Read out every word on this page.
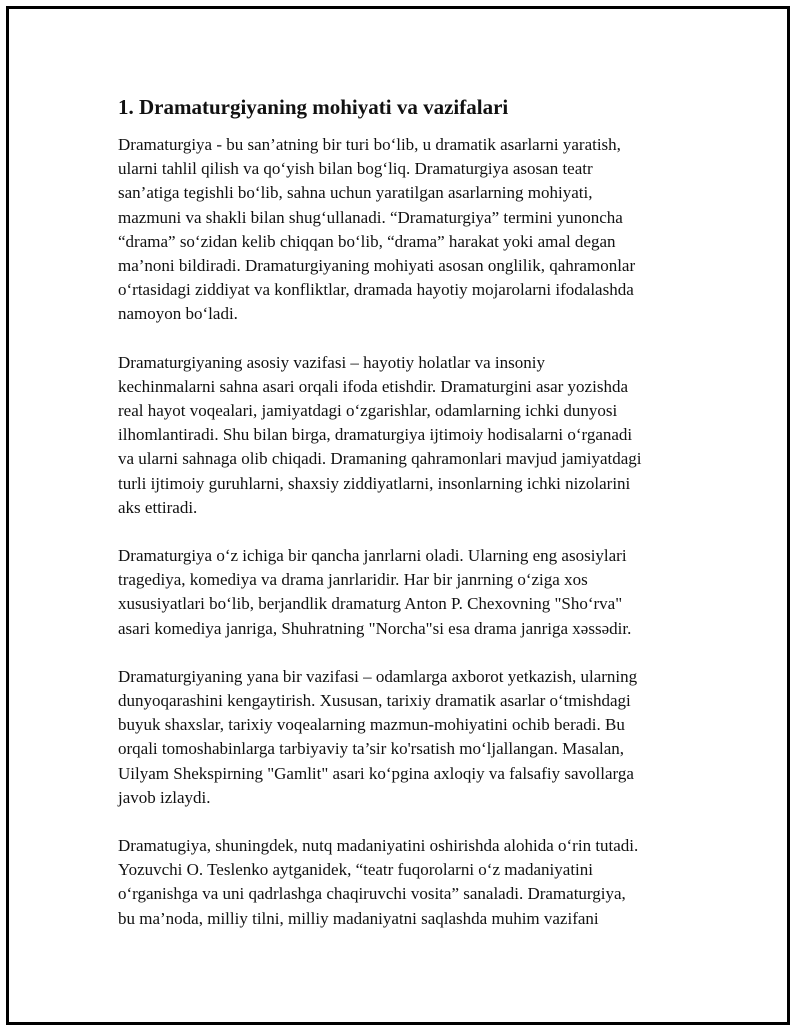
1. Dramaturgiyaning mohiyati va vazifalari
Dramaturgiya - bu san’atning bir turi bo‘lib, u dramatik asarlarni yaratish,
ularni tahlil qilish va qo‘yish bilan bog‘liq. Dramaturgiya asosan teatr
san’atiga tegishli bo‘lib, sahna uchun yaratilgan asarlarning mohiyati,
mazmuni va shakli bilan shug‘ullanadi. “Dramaturgiya” termini yunoncha
“drama” so‘zidan kelib chiqqan bo‘lib, “drama” harakat yoki amal degan
ma’noni bildiradi. Dramaturgiyaning mohiyati asosan onglilik, qahramonlar
o‘rtasidagi ziddiyat va konfliktlar, dramada hayotiy mojarolarni ifodalashda
namoyon bo‘ladi.
Dramaturgiyaning asosiy vazifasi – hayotiy holatlar va insoniy
kechinmalarni sahna asari orqali ifoda etishdir. Dramaturgini asar yozishda
real hayot voqealari, jamiyatdagi o‘zgarishlar, odamlarning ichki dunyosi
ilhomlantiradi. Shu bilan birga, dramaturgiya ijtimoiy hodisalarni o‘rganadi
va ularni sahnaga olib chiqadi. Dramaning qahramonlari mavjud jamiyatdagi
turli ijtimoiy guruhlarni, shaxsiy ziddiyatlarni, insonlarning ichki nizolarini
aks ettiradi.
Dramaturgiya o‘z ichiga bir qancha janrlarni oladi. Ularning eng asosiylari
tragediya, komediya va drama janrlaridir. Har bir janrning o‘ziga xos
xususiyatlari bo‘lib, berjandlik dramaturg Anton P. Chexovning "Sho‘rva"
asari komediya janriga, Shuhratning "Norcha"si esa drama janriga xəssədir.
Dramaturgiyaning yana bir vazifasi – odamlarga axborot yetkazish, ularning
dunyoqarashini kengaytirish. Xususan, tarixiy dramatik asarlar o‘tmishdagi
buyuk shaxslar, tarixiy voqealarning mazmun-mohiyatini ochib beradi. Bu
orqali tomoshabinlarga tarbiyaviy ta’sir ko'rsatish mo‘ljallangan. Masalan,
Uilyam Shekspirning "Gamlit" asari ko‘pgina axloqiy va falsafiy savollarga
javob izlaydi.
Dramatugiya, shuningdek, nutq madaniyatini oshirishda alohida o‘rin tutadi.
Yozuvchi O. Teslenko aytganidek, “teatr fuqorolarni o‘z madaniyatini
o‘rganishga va uni qadrlashga chaqiruvchi vosita” sanaladi. Dramaturgiya,
bu ma’noda, milliy tilni, milliy madaniyatni saqlashda muhim vazifani
